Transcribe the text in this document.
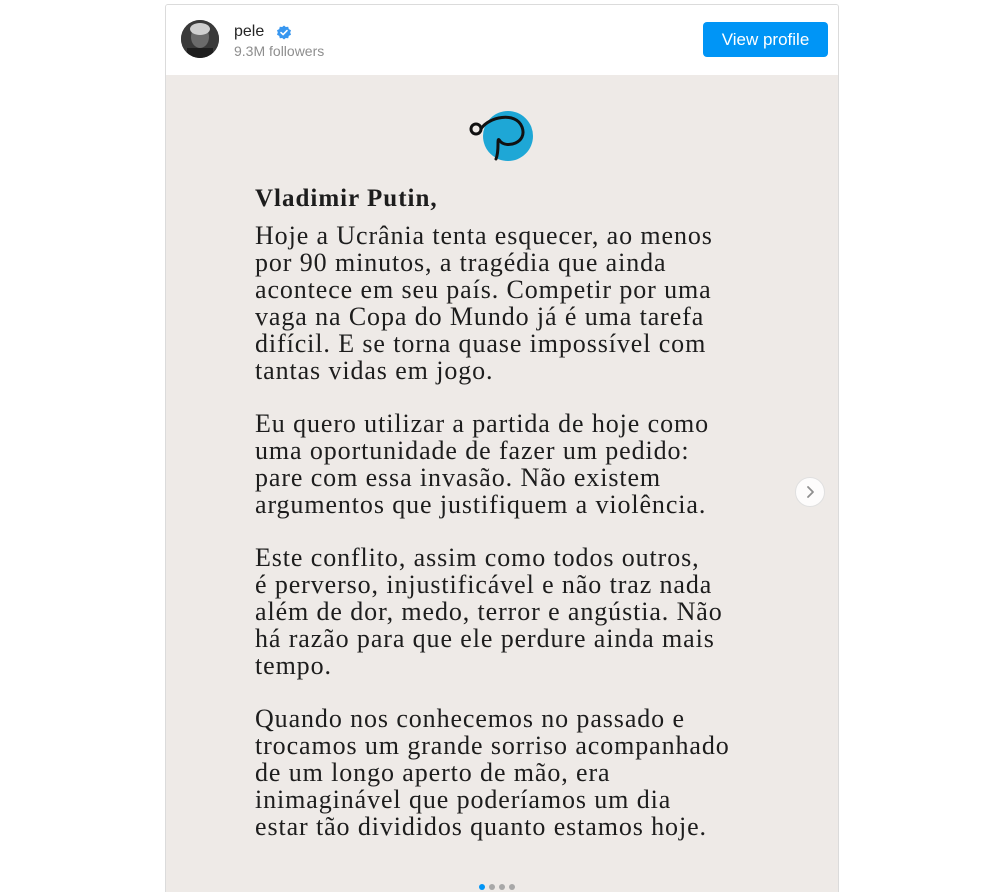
pele
9.3M followers
View profile
Vladimir Putin,
Hoje a Ucrânia tenta esquecer, ao menos
por 90 minutos, a tragédia que ainda
acontece em seu país. Competir por uma
vaga na Copa do Mundo já é uma tarefa
difícil. E se torna quase impossível com
tantas vidas em jogo.
Eu quero utilizar a partida de hoje como
uma oportunidade de fazer um pedido:
pare com essa invasão. Não existem
argumentos que justifiquem a violência.
Este conflito, assim como todos outros,
é perverso, injustificável e não traz nada
além de dor, medo, terror e angústia. Não
há razão para que ele perdure ainda mais
tempo.
Quando nos conhecemos no passado e
trocamos um grande sorriso acompanhado
de um longo aperto de mão, era
inimaginável que poderíamos um dia
estar tão divididos quanto estamos hoje.
